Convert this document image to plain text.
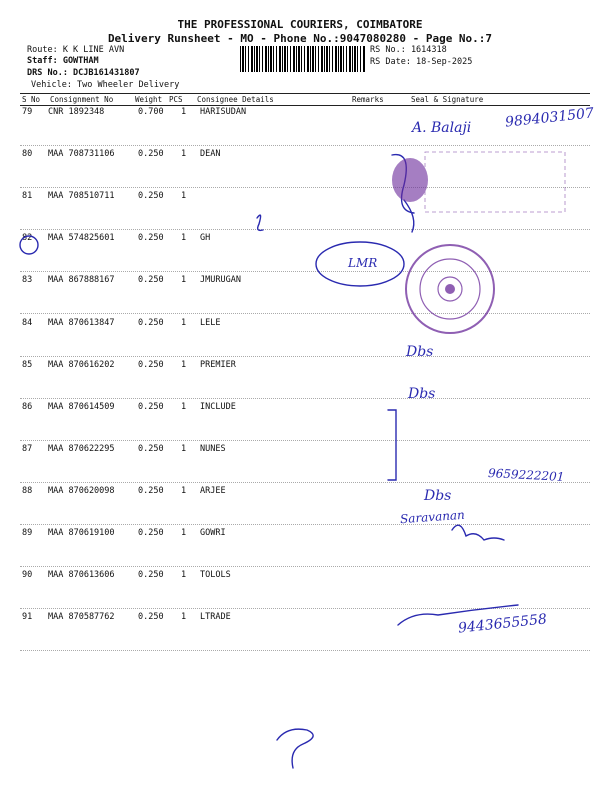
THE PROFESSIONAL COURIERS, COIMBATORE
Delivery Runsheet - MO - Phone No.:9047080280 - Page No.:7
Route: K K LINE AVN
Staff: GOWTHAM
DRS No.: DCJB161431807
Vehicle: Two Wheeler Delivery
RS No.: 1614318
RS Date: 18-Sep-2025
S No Consignment No	Weight PCS Consignee Details	Remarks	Seal & Signature
79 CNR 1892348	0.700 1 HARISUDAN
80 MAA 708731106	0.250 1 DEAN
81 MAA 708510711	0.250 1
82 MAA 574825601	0.250 1 GH
83 MAA 867888167	0.250 1 JMURUGAN
84 MAA 870613847	0.250 1 LELE
85 MAA 870616202	0.250 1 PREMIER
86 MAA 870614509	0.250 1 INCLUDE
87 MAA 870622295	0.250 1 NUNES
88 MAA 870620098	0.250 1 ARJEE
89 MAA 870619100	0.250 1 GOWRI
90 MAA 870613606	0.250 1 TOLOLS
91 MAA 870587762	0.250 1 LTRADE
A. Balaji 9894031507
LMR
Dbs
Dbs
9659222201
Dbs
Saravanan
9443655558
